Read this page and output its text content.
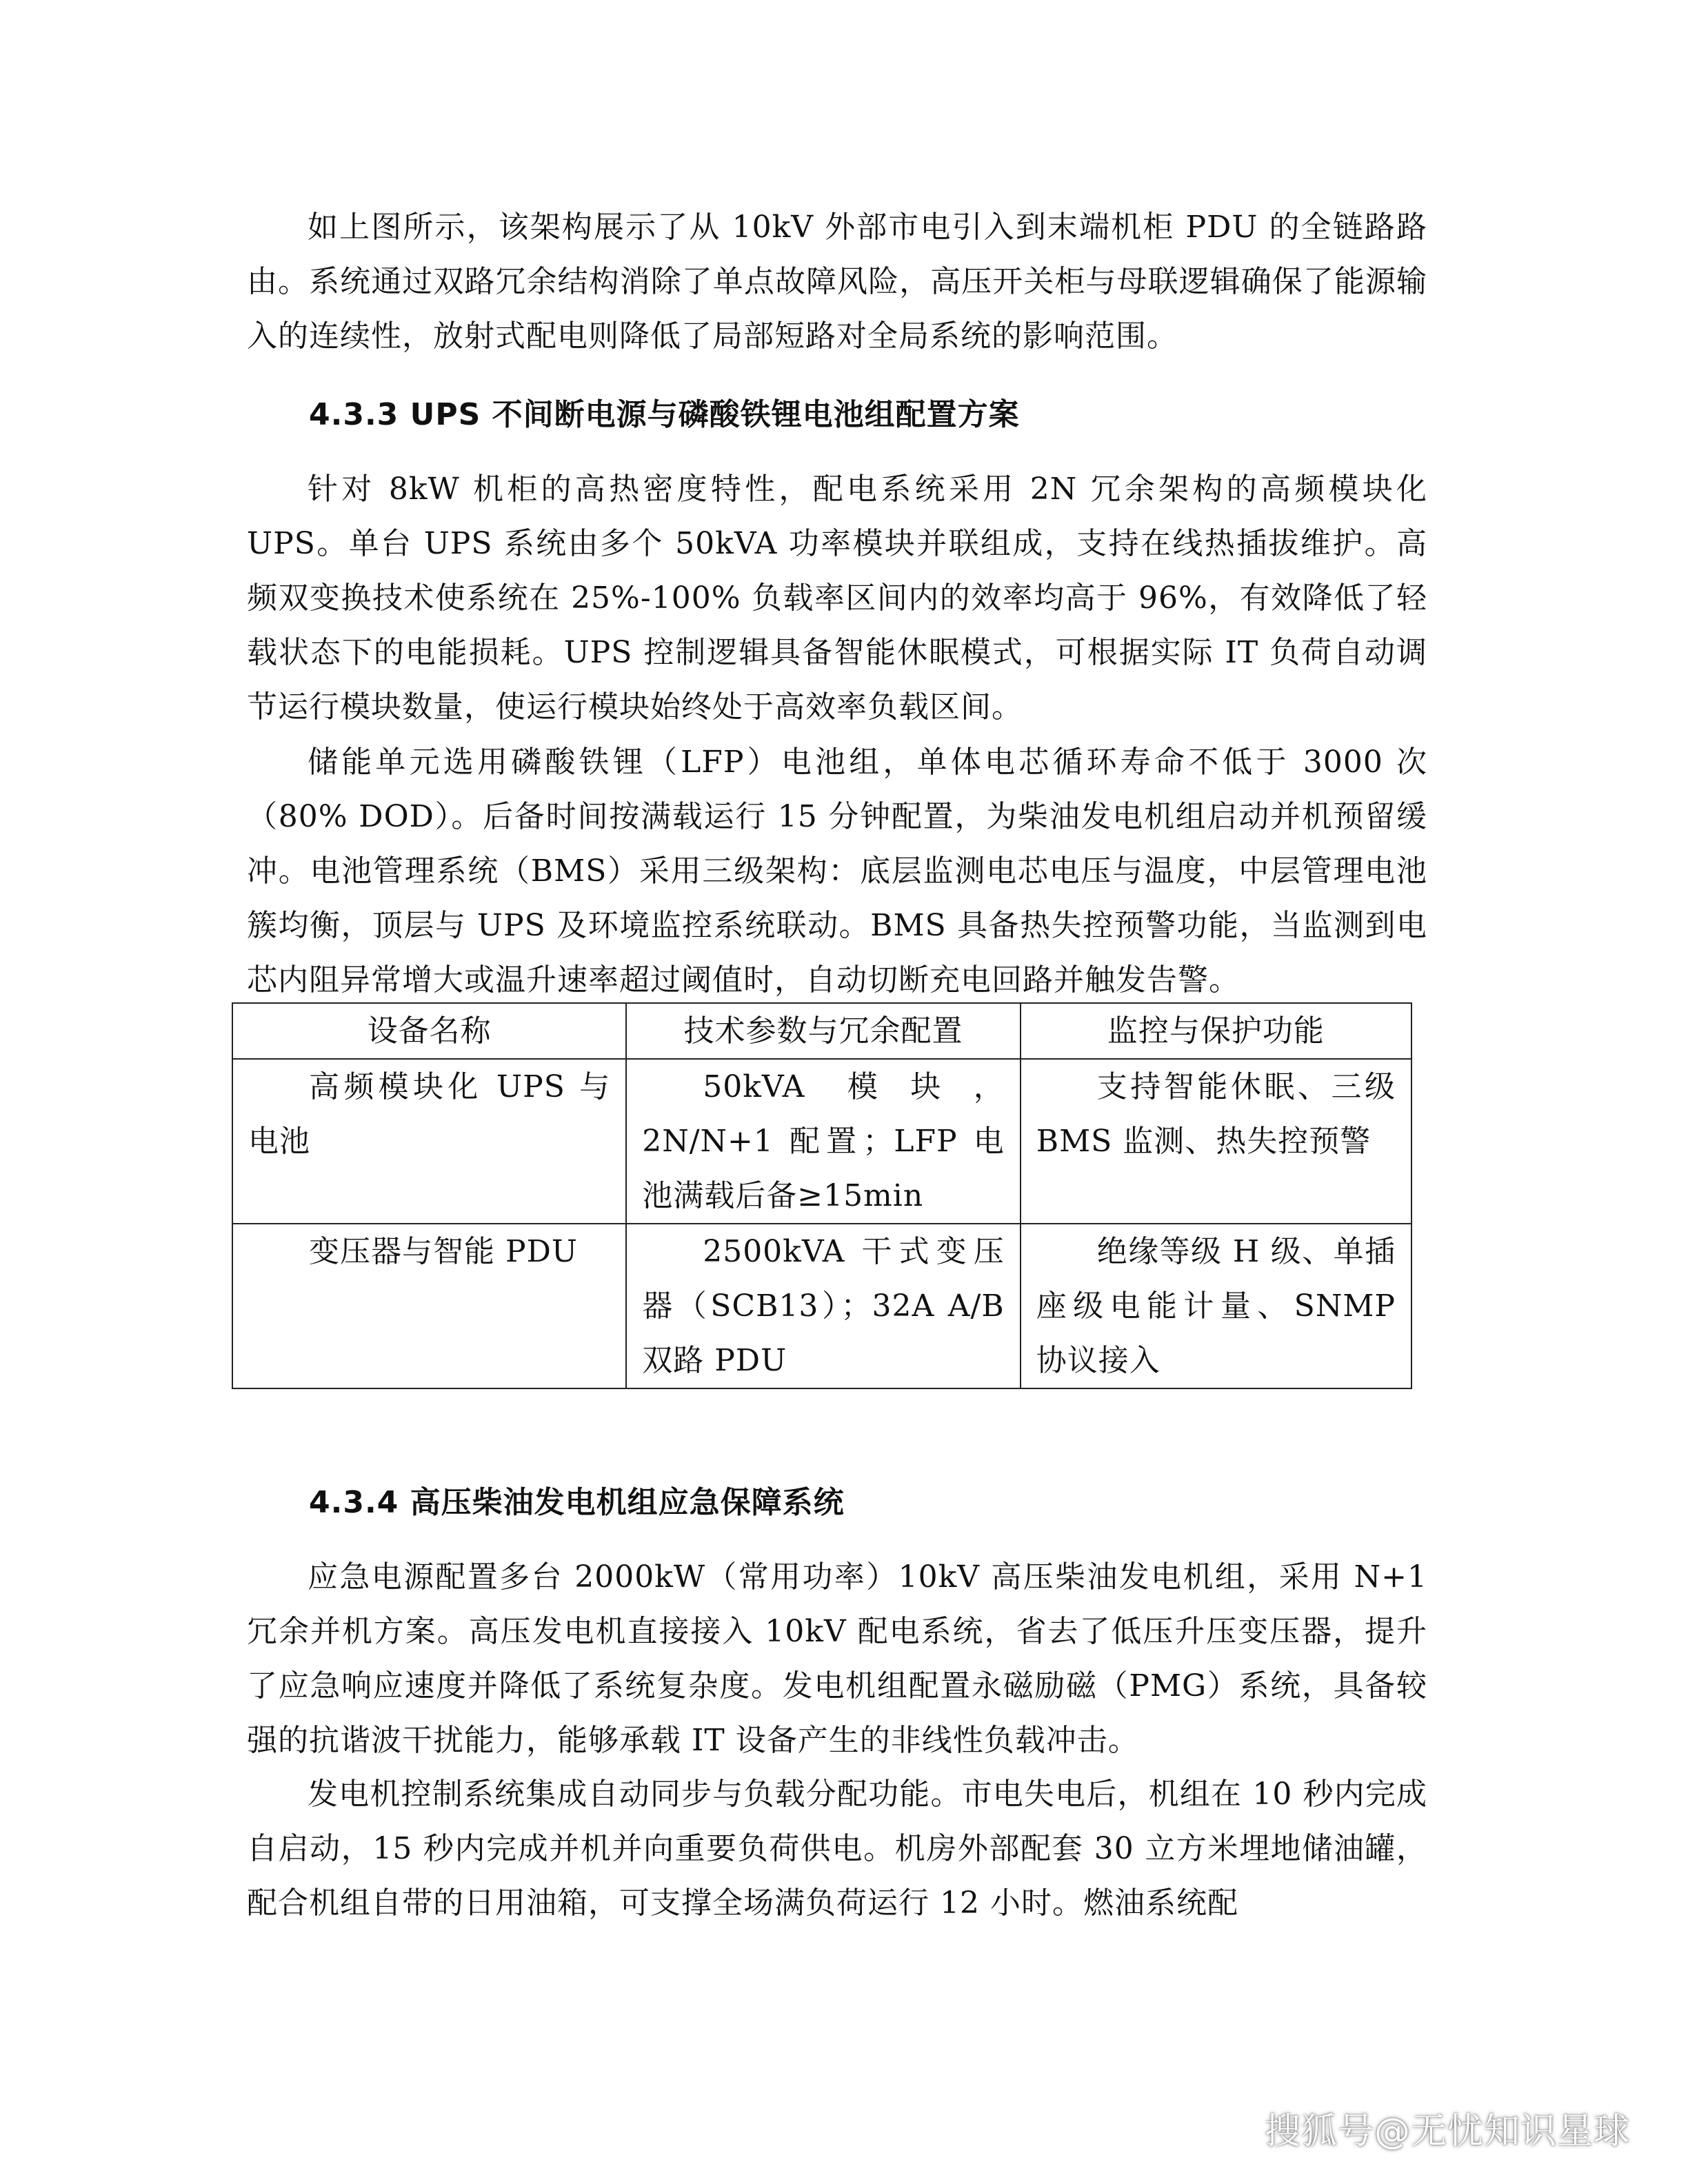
如上图所示，该架构展示了从 10kV 外部市电引入到末端机柜 PDU 的全链路路由。系统通过双路冗余结构消除了单点故障风险，高压开关柜与母联逻辑确保了能源输入的连续性，放射式配电则降低了局部短路对全局系统的影响范围。

4.3.3 UPS 不间断电源与磷酸铁锂电池组配置方案

针对 8kW 机柜的高热密度特性，配电系统采用 2N 冗余架构的高频模块化 UPS。单台 UPS 系统由多个 50kVA 功率模块并联组成，支持在线热插拔维护。高频双变换技术使系统在 25%-100% 负载率区间内的效率均高于 96%，有效降低了轻载状态下的电能损耗。UPS 控制逻辑具备智能休眠模式，可根据实际 IT 负荷自动调节运行模块数量，使运行模块始终处于高效率负载区间。

储能单元选用磷酸铁锂（LFP）电池组，单体电芯循环寿命不低于 3000 次（80% DOD）。后备时间按满载运行 15 分钟配置，为柴油发电机组启动并机预留缓冲。电池管理系统（BMS）采用三级架构：底层监测电芯电压与温度，中层管理电池簇均衡，顶层与 UPS 及环境监控系统联动。BMS 具备热失控预警功能，当监测到电芯内阻异常增大或温升速率超过阈值时，自动切断充电回路并触发告警。

设备名称	技术参数与冗余配置	监控与保护功能
高频模块化 UPS 与电池	50kVA 模块，2N/N+1 配置；LFP 电池满载后备≥15min	支持智能休眠、三级 BMS 监测、热失控预警
变压器与智能 PDU	2500kVA 干式变压器（SCB13）；32A A/B 双路 PDU	绝缘等级 H 级、单插座级电能计量、SNMP 协议接入
4.3.4 高压柴油发电机组应急保障系统

应急电源配置多台 2000kW（常用功率）10kV 高压柴油发电机组，采用 N+1 冗余并机方案。高压发电机直接接入 10kV 配电系统，省去了低压升压变压器，提升了应急响应速度并降低了系统复杂度。发电机组配置永磁励磁（PMG）系统，具备较强的抗谐波干扰能力，能够承载 IT 设备产生的非线性负载冲击。

发电机控制系统集成自动同步与负载分配功能。市电失电后，机组在 10 秒内完成自启动，15 秒内完成并机并向重要负荷供电。机房外部配套 30 立方米埋地储油罐，配合机组自带的日用油箱，可支撑全场满负荷运行 12 小时。燃油系统配

搜狐号@无忧知识星球
